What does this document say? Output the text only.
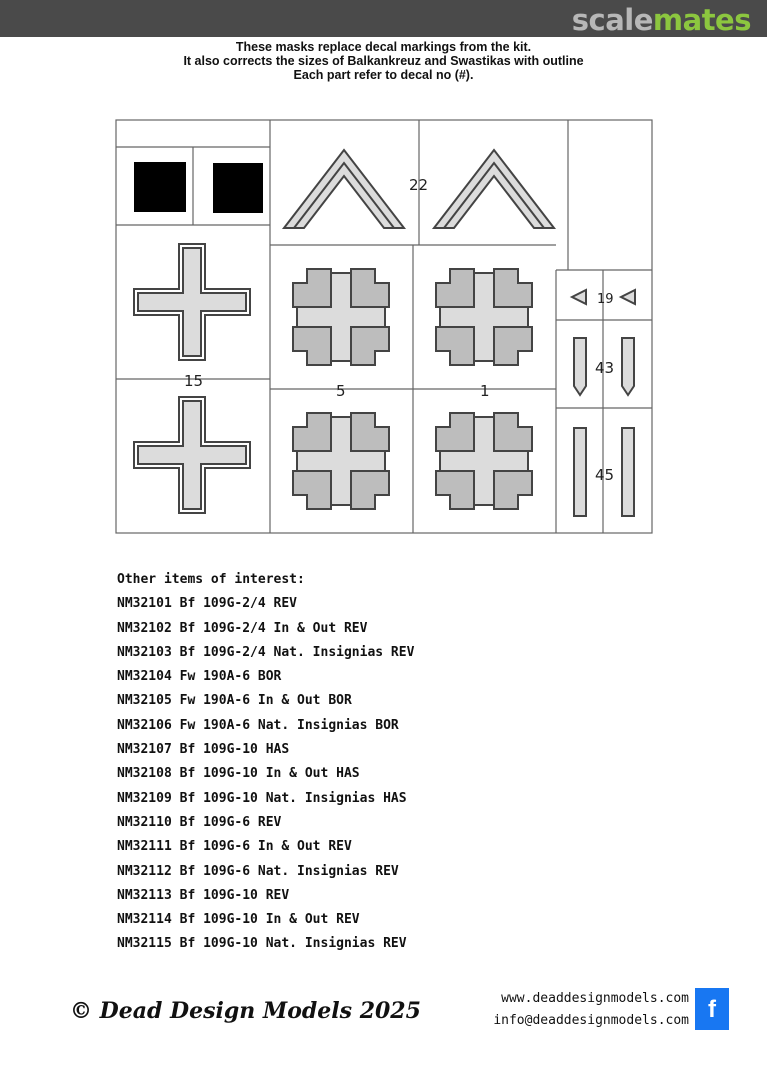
scalemates
These masks replace decal markings from the kit.
It also corrects the sizes of Balkankreuz and Swastikas with outline
Each part refer to decal no (#).
22
15
5	1
19
43
45
Other items of interest:
NM32101 Bf 109G-2/4 REV
NM32102 Bf 109G-2/4 In & Out REV
NM32103 Bf 109G-2/4 Nat. Insignias REV
NM32104 Fw 190A-6 BOR
NM32105 Fw 190A-6 In & Out BOR
NM32106 Fw 190A-6 Nat. Insignias BOR
NM32107 Bf 109G-10 HAS
NM32108 Bf 109G-10 In & Out HAS
NM32109 Bf 109G-10 Nat. Insignias HAS
NM32110 Bf 109G-6 REV
NM32111 Bf 109G-6 In & Out REV
NM32112 Bf 109G-6 Nat. Insignias REV
NM32113 Bf 109G-10 REV
NM32114 Bf 109G-10 In & Out REV
NM32115 Bf 109G-10 Nat. Insignias REV
© Dead Design Models 2025	www.deaddesignmodels.com
info@deaddesignmodels.com f
